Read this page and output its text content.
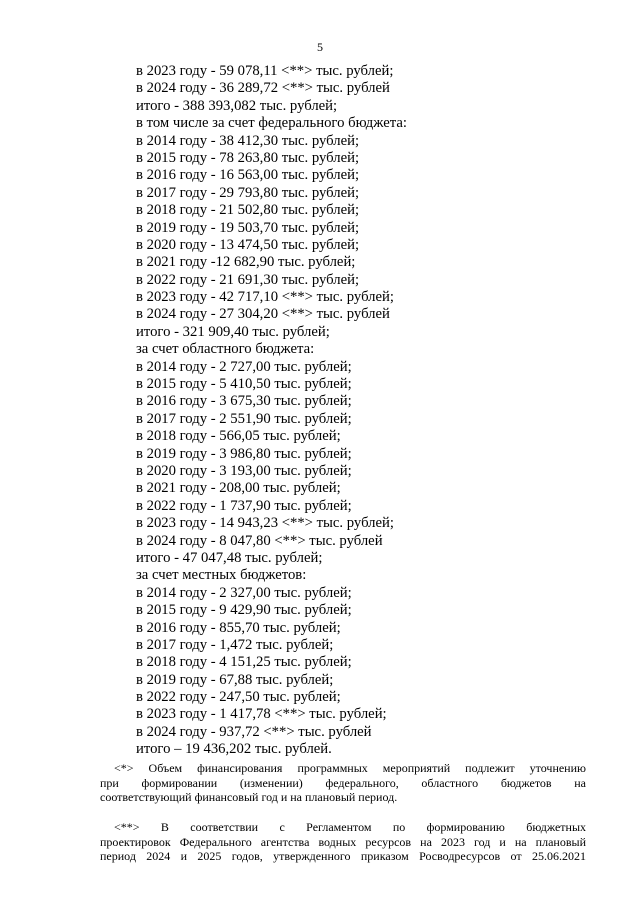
5
в 2023 году - 59 078,11 <**> тыс. рублей;
в 2024 году - 36 289,72 <**> тыс. рублей
итого - 388 393,082 тыс. рублей;
в том числе за счет федерального бюджета:
в 2014 году - 38 412,30 тыс. рублей;
в 2015 году - 78 263,80 тыс. рублей;
в 2016 году - 16 563,00 тыс. рублей;
в 2017 году - 29 793,80 тыс. рублей;
в 2018 году - 21 502,80 тыс. рублей;
в 2019 году - 19 503,70 тыс. рублей;
в 2020 году - 13 474,50 тыс. рублей;
в 2021 году -12 682,90 тыс. рублей;
в 2022 году - 21 691,30 тыс. рублей;
в 2023 году - 42 717,10 <**> тыс. рублей;
в 2024 году - 27 304,20 <**> тыс. рублей
итого - 321 909,40 тыс. рублей;
за счет областного бюджета:
в 2014 году - 2 727,00 тыс. рублей;
в 2015 году - 5 410,50 тыс. рублей;
в 2016 году - 3 675,30 тыс. рублей;
в 2017 году - 2 551,90 тыс. рублей;
в 2018 году - 566,05 тыс. рублей;
в 2019 году - 3 986,80 тыс. рублей;
в 2020 году - 3 193,00 тыс. рублей;
в 2021 году - 208,00 тыс. рублей;
в 2022 году - 1 737,90 тыс. рублей;
в 2023 году - 14 943,23 <**> тыс. рублей;
в 2024 году - 8 047,80 <**> тыс. рублей
итого - 47 047,48 тыс. рублей;
за счет местных бюджетов:
в 2014 году - 2 327,00 тыс. рублей;
в 2015 году - 9 429,90 тыс. рублей;
в 2016 году - 855,70 тыс. рублей;
в 2017 году - 1,472 тыс. рублей;
в 2018 году - 4 151,25 тыс. рублей;
в 2019 году - 67,88 тыс. рублей;
в 2022 году - 247,50 тыс. рублей;
в 2023 году - 1 417,78 <**> тыс. рублей;
в 2024 году - 937,72 <**> тыс. рублей
итого – 19 436,202 тыс. рублей.
<*> Объем финансирования программных мероприятий подлежит уточнению
при формировании (изменении) федерального, областного бюджетов на
соответствующий финансовый год и на плановый период.
<**> В соответствии с Регламентом по формированию бюджетных
проектировок Федерального агентства водных ресурсов на 2023 год и на плановый
период 2024 и 2025 годов, утвержденного приказом Росводресурсов от 25.06.2021
